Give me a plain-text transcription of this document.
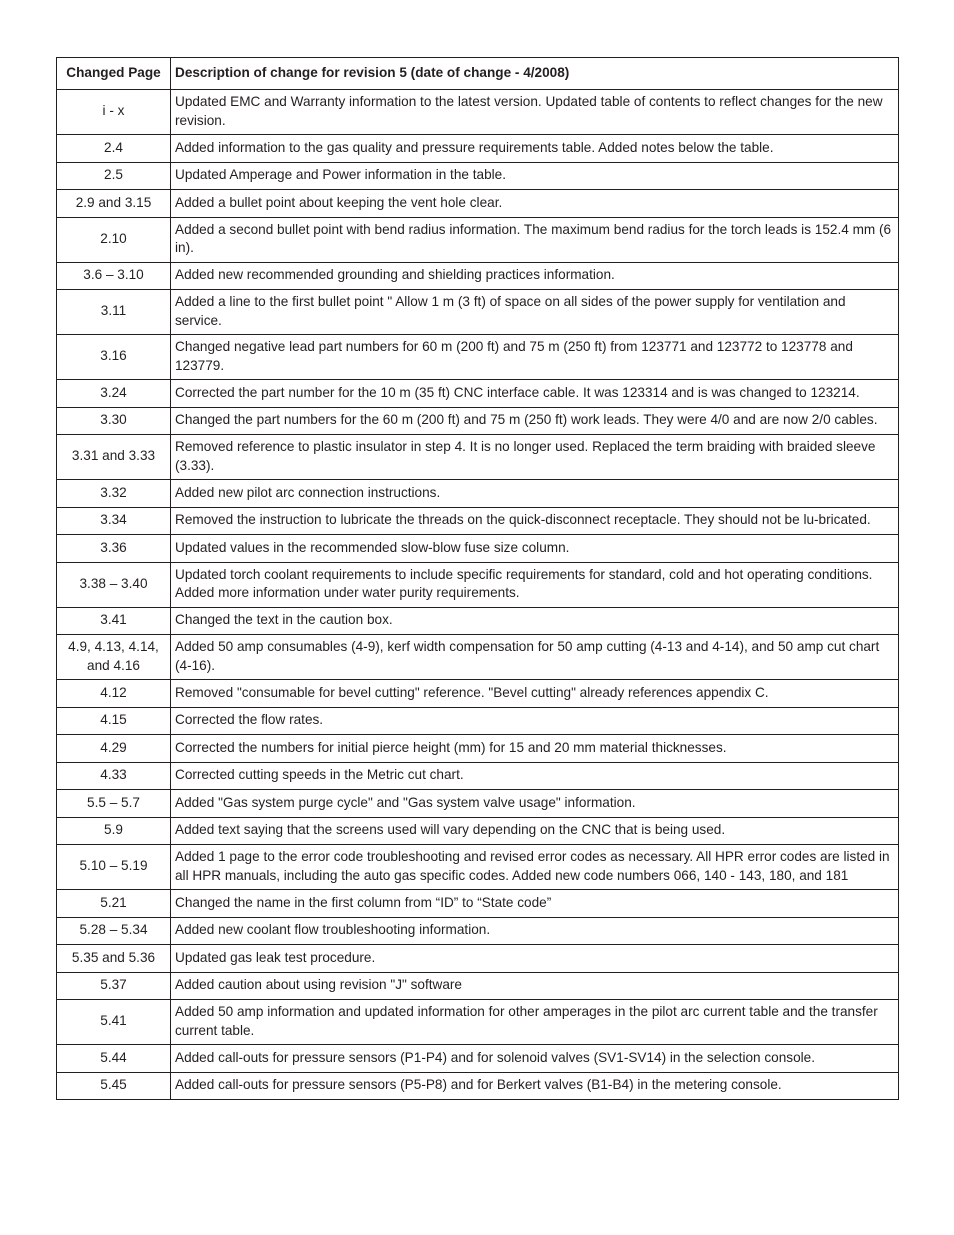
Changed Page	Description of change for revision 5 (date of change - 4/2008)
i - x	Updated EMC and Warranty information to the latest version. Updated table of contents to reflect changes for the new revision.
2.4	Added information to the gas quality and pressure requirements table. Added notes below the table.
2.5	Updated Amperage and Power information in the table.
2.9 and 3.15	Added a bullet point about keeping the vent hole clear.
2.10	Added a second bullet point with bend radius information. The maximum bend radius for the torch leads is 152.4 mm (6 in).
3.6 – 3.10	Added new recommended grounding and shielding practices information.
3.11	Added a line to the first bullet point " Allow 1 m (3 ft) of space on all sides of the power supply for ventilation and service.
3.16	Changed negative lead part numbers for 60 m (200 ft) and 75 m (250 ft) from 123771 and 123772 to 123778 and 123779.
3.24	Corrected the part number for the 10 m (35 ft) CNC interface cable. It was 123314 and is was changed to 123214.
3.30	Changed the part numbers for the 60 m (200 ft) and 75 m (250 ft) work leads. They were 4/0 and are now 2/0 cables.
3.31 and 3.33	Removed reference to plastic insulator in step 4. It is no longer used. Replaced the term braiding with braided sleeve (3.33).
3.32	Added new pilot arc connection instructions.
3.34	Removed the instruction to lubricate the threads on the quick-disconnect receptacle. They should not be lu-bricated.
3.36	Updated values in the recommended slow-blow fuse size column.
3.38 – 3.40	Updated torch coolant requirements to include specific requirements for standard, cold and hot operating conditions. Added more information under water purity requirements.
3.41	Changed the text in the caution box.
4.9, 4.13, 4.14, and 4.16	Added 50 amp consumables (4-9), kerf width compensation for 50 amp cutting (4-13 and 4-14), and 50 amp cut chart (4-16).
4.12	Removed "consumable for bevel cutting" reference. "Bevel cutting" already references appendix C.
4.15	Corrected the flow rates.
4.29	Corrected the numbers for initial pierce height (mm) for 15 and 20 mm material thicknesses.
4.33	Corrected cutting speeds in the Metric cut chart.
5.5 – 5.7	Added "Gas system purge cycle" and "Gas system valve usage" information.
5.9	Added text saying that the screens used will vary depending on the CNC that is being used.
5.10 – 5.19	Added 1 page to the error code troubleshooting and revised error codes as necessary. All HPR error codes are listed in all HPR manuals, including the auto gas specific codes. Added new code numbers 066, 140 - 143, 180, and 181
5.21	Changed the name in the first column from “ID” to “State code”
5.28 – 5.34	Added new coolant flow troubleshooting information.
5.35 and 5.36	Updated gas leak test procedure.
5.37	Added caution about using revision "J" software
5.41	Added 50 amp information and updated information for other amperages in the pilot arc current table and the transfer current table.
5.44	Added call-outs for pressure sensors (P1-P4) and for solenoid valves (SV1-SV14) in the selection console.
5.45	Added call-outs for pressure sensors (P5-P8) and for Berkert valves (B1-B4) in the metering console.
